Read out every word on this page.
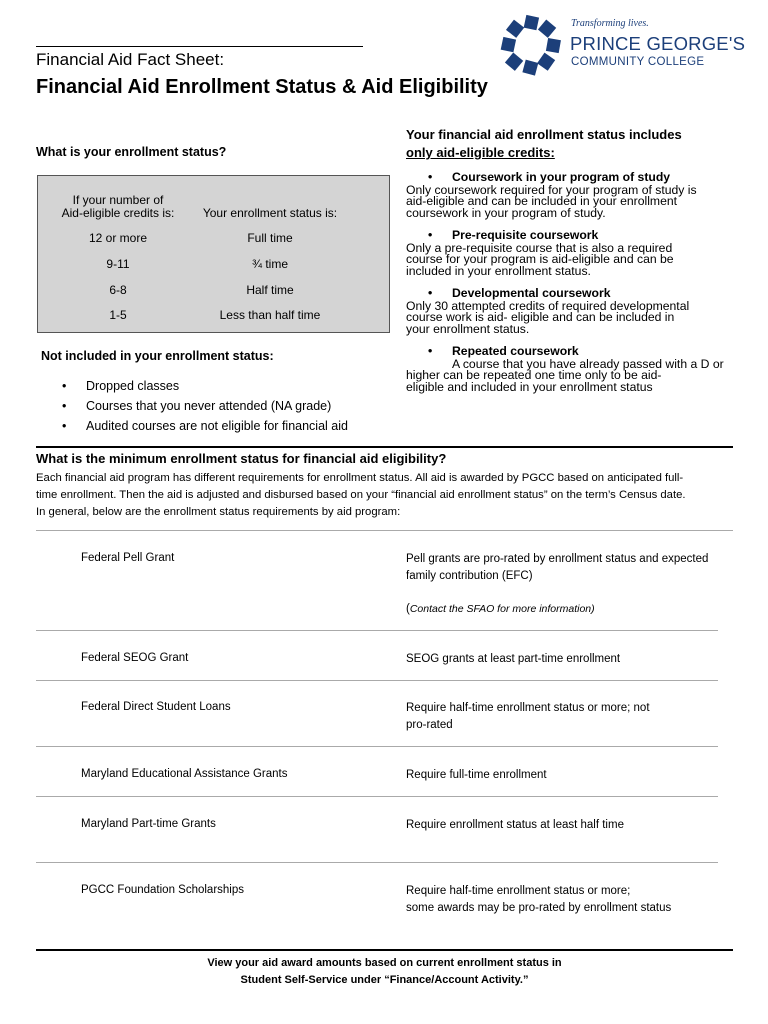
Financial Aid Fact Sheet:
Financial Aid Enrollment Status & Aid Eligibility
Transforming lives.
PRINCE GEORGE'S
COMMUNITY COLLEGE
What is your enrollment status?
If your number of
Aid-eligible credits is:	Your enrollment status is:
12 or more	Full time
9-11	¾ time
6-8	Half time
1-5	Less than half time
Not included in your enrollment status:
• Dropped classes
• Courses that you never attended (NA grade)
• Audited courses are not eligible for financial aid
Your financial aid enrollment status includes
only aid-eligible credits:
• Coursework in your program of study
Only coursework required for your program of study is
aid-eligible and can be included in your enrollment
coursework in your program of study.
• Pre-requisite coursework
Only a pre-requisite course that is also a required
course for your program is aid-eligible and can be
included in your enrollment status.
• Developmental coursework
Only 30 attempted credits of required developmental
course work is aid- eligible and can be included in
your enrollment status.
• Repeated coursework
A course that you have already passed with a D or
higher can be repeated one time only to be aid-
eligible and included in your enrollment status
What is the minimum enrollment status for financial aid eligibility?
Each financial aid program has different requirements for enrollment status. All aid is awarded by PGCC based on anticipated full-
time enrollment. Then the aid is adjusted and disbursed based on your “financial aid enrollment status” on the term’s Census date.
In general, below are the enrollment status requirements by aid program:
Federal Pell Grant	Pell grants are pro-rated by enrollment status and expected
family contribution (EFC)
(Contact the SFAO for more information)
Federal SEOG Grant	SEOG grants at least part-time enrollment
Federal Direct Student Loans	Require half-time enrollment status or more; not
pro-rated
Maryland Educational Assistance Grants	Require full-time enrollment
Maryland Part-time Grants	Require enrollment status at least half time
PGCC Foundation Scholarships	Require half-time enrollment status or more;
some awards may be pro-rated by enrollment status
View your aid award amounts based on current enrollment status in
Student Self-Service under “Finance/Account Activity.”
